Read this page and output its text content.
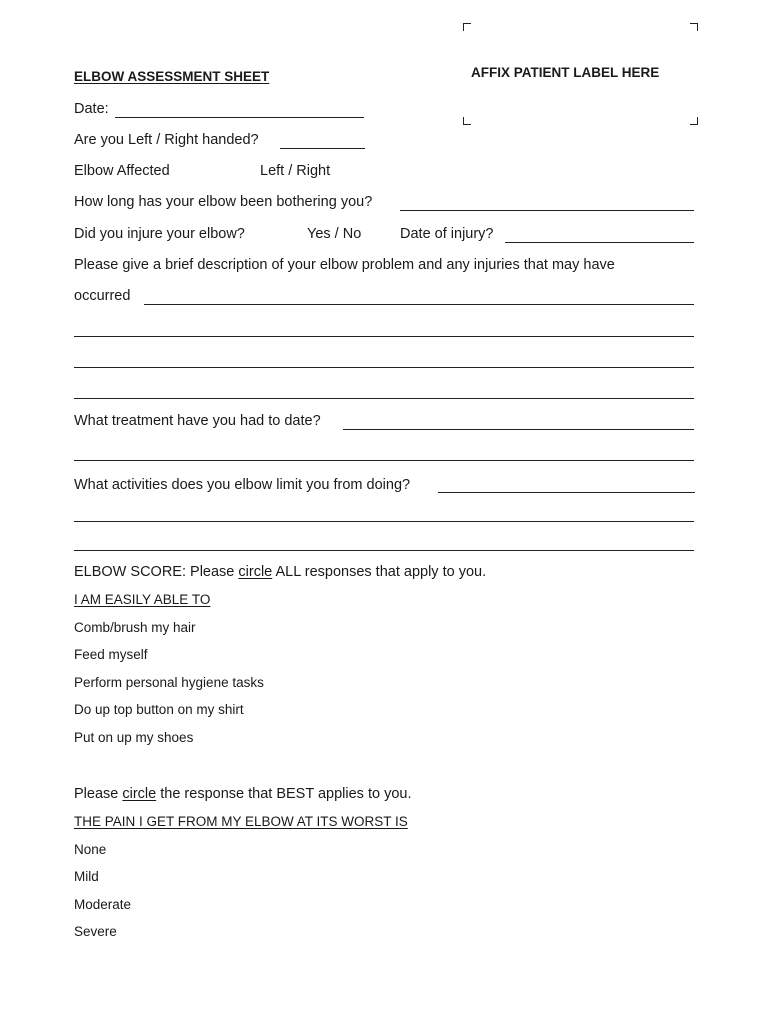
AFFIX PATIENT LABEL HERE
ELBOW ASSESSMENT SHEET
Date:
Are you Left / Right handed?
Elbow Affected	Left / Right
How long has your elbow been bothering you?
Did you injure your elbow?	Yes / No	Date of injury?
Please give a brief description of your elbow problem and any injuries that may have
occurred
What treatment have you had to date?
What activities does you elbow limit you from doing?
ELBOW SCORE: Please circle ALL responses that apply to you.
I AM EASILY ABLE TO
Comb/brush my hair
Feed myself
Perform personal hygiene tasks
Do up top button on my shirt
Put on up my shoes
Please circle the response that BEST applies to you.
THE PAIN I GET FROM MY ELBOW AT ITS WORST IS
None
Mild
Moderate
Severe
